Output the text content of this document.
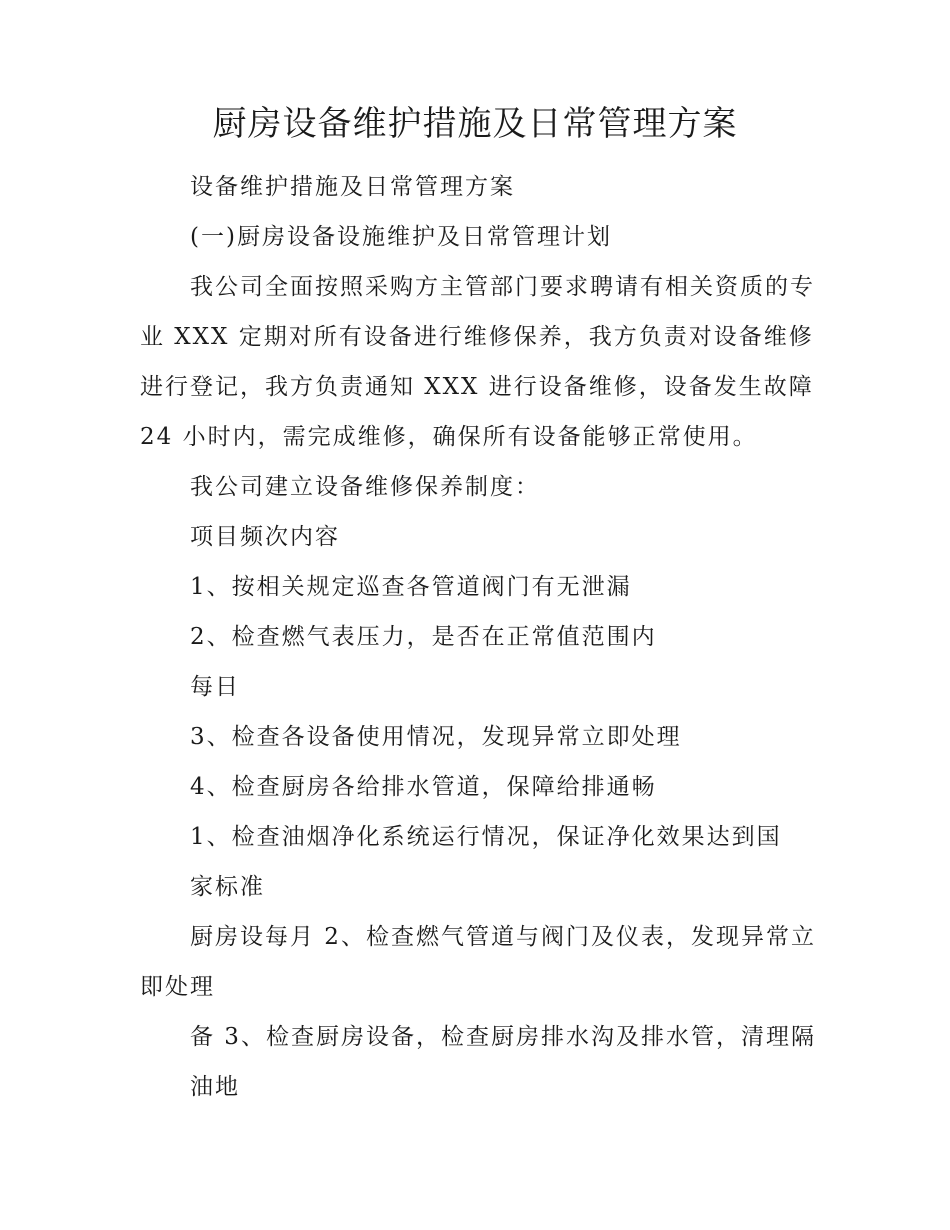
厨房设备维护措施及日常管理方案
设备维护措施及日常管理方案
(一)厨房设备设施维护及日常管理计划
我公司全面按照采购方主管部门要求聘请有相关资质的专
业 XXX 定期对所有设备进行维修保养，我方负责对设备维修
进行登记，我方负责通知 XXX 进行设备维修，设备发生故障
24 小时内，需完成维修，确保所有设备能够正常使用。
我公司建立设备维修保养制度：
项目频次内容
1、按相关规定巡查各管道阀门有无泄漏
2、检查燃气表压力，是否在正常值范围内
每日
3、检查各设备使用情况，发现异常立即处理
4、检查厨房各给排水管道，保障给排通畅
1、检查油烟净化系统运行情况，保证净化效果达到国
家标准
厨房设每月 2、检查燃气管道与阀门及仪表，发现异常立
即处理
备 3、检查厨房设备，检查厨房排水沟及排水管，清理隔
油地
